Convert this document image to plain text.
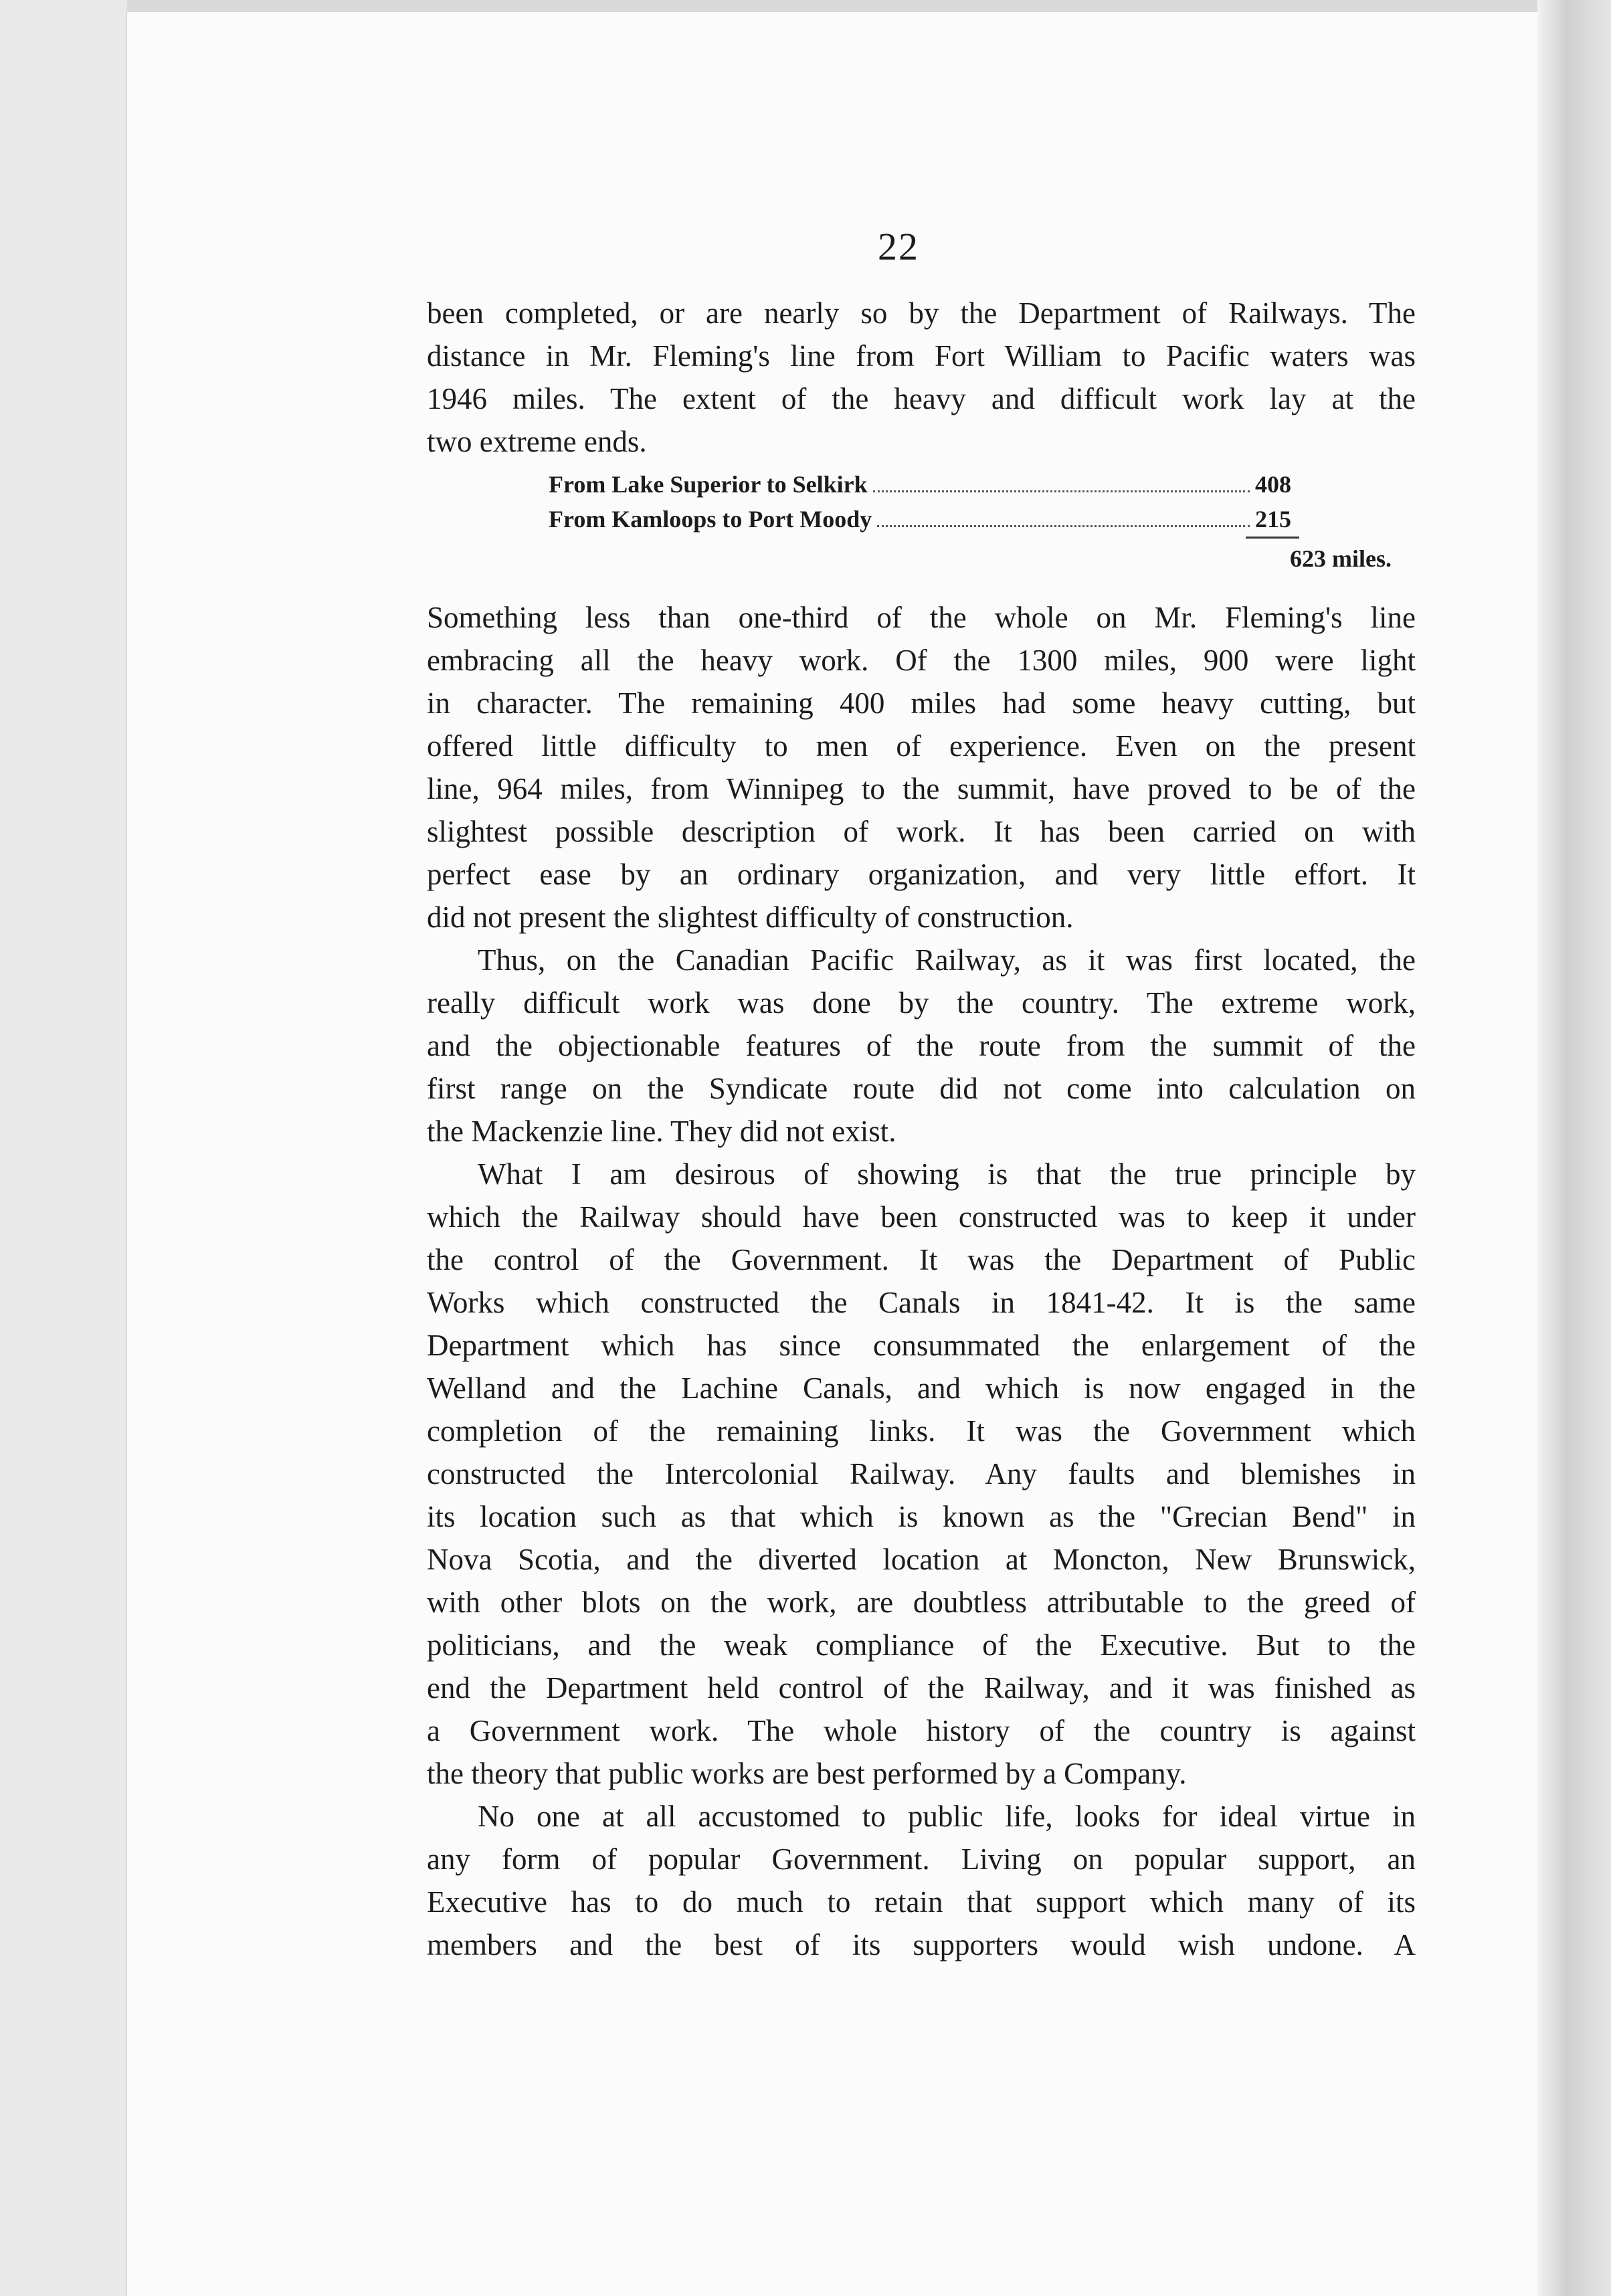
22
been completed, or are nearly so by the Department of Railways. The
distance in Mr. Fleming's line from Fort William to Pacific waters was
1946 miles. The extent of the heavy and difficult work lay at the
two extreme ends.
From Lake Superior to Selkirk	408
From Kamloops to Port Moody	215
623 miles.
Something less than one-third of the whole on Mr. Fleming's line
embracing all the heavy work. Of the 1300 miles, 900 were light
in character. The remaining 400 miles had some heavy cutting, but
offered little difficulty to men of experience. Even on the present
line, 964 miles, from Winnipeg to the summit, have proved to be of the
slightest possible description of work. It has been carried on with
perfect ease by an ordinary organization, and very little effort. It
did not present the slightest difficulty of construction.
Thus, on the Canadian Pacific Railway, as it was first located, the
really difficult work was done by the country. The extreme work,
and the objectionable features of the route from the summit of the
first range on the Syndicate route did not come into calculation on
the Mackenzie line. They did not exist.
What I am desirous of showing is that the true principle by
which the Railway should have been constructed was to keep it under
the control of the Government. It was the Department of Public
Works which constructed the Canals in 1841-42. It is the same
Department which has since consummated the enlargement of the
Welland and the Lachine Canals, and which is now engaged in the
completion of the remaining links. It was the Government which
constructed the Intercolonial Railway. Any faults and blemishes in
its location such as that which is known as the "Grecian Bend" in
Nova Scotia, and the diverted location at Moncton, New Brunswick,
with other blots on the work, are doubtless attributable to the greed of
politicians, and the weak compliance of the Executive. But to the
end the Department held control of the Railway, and it was finished as
a Government work. The whole history of the country is against
the theory that public works are best performed by a Company.
No one at all accustomed to public life, looks for ideal virtue in
any form of popular Government. Living on popular support, an
Executive has to do much to retain that support which many of its
members and the best of its supporters would wish undone. A
